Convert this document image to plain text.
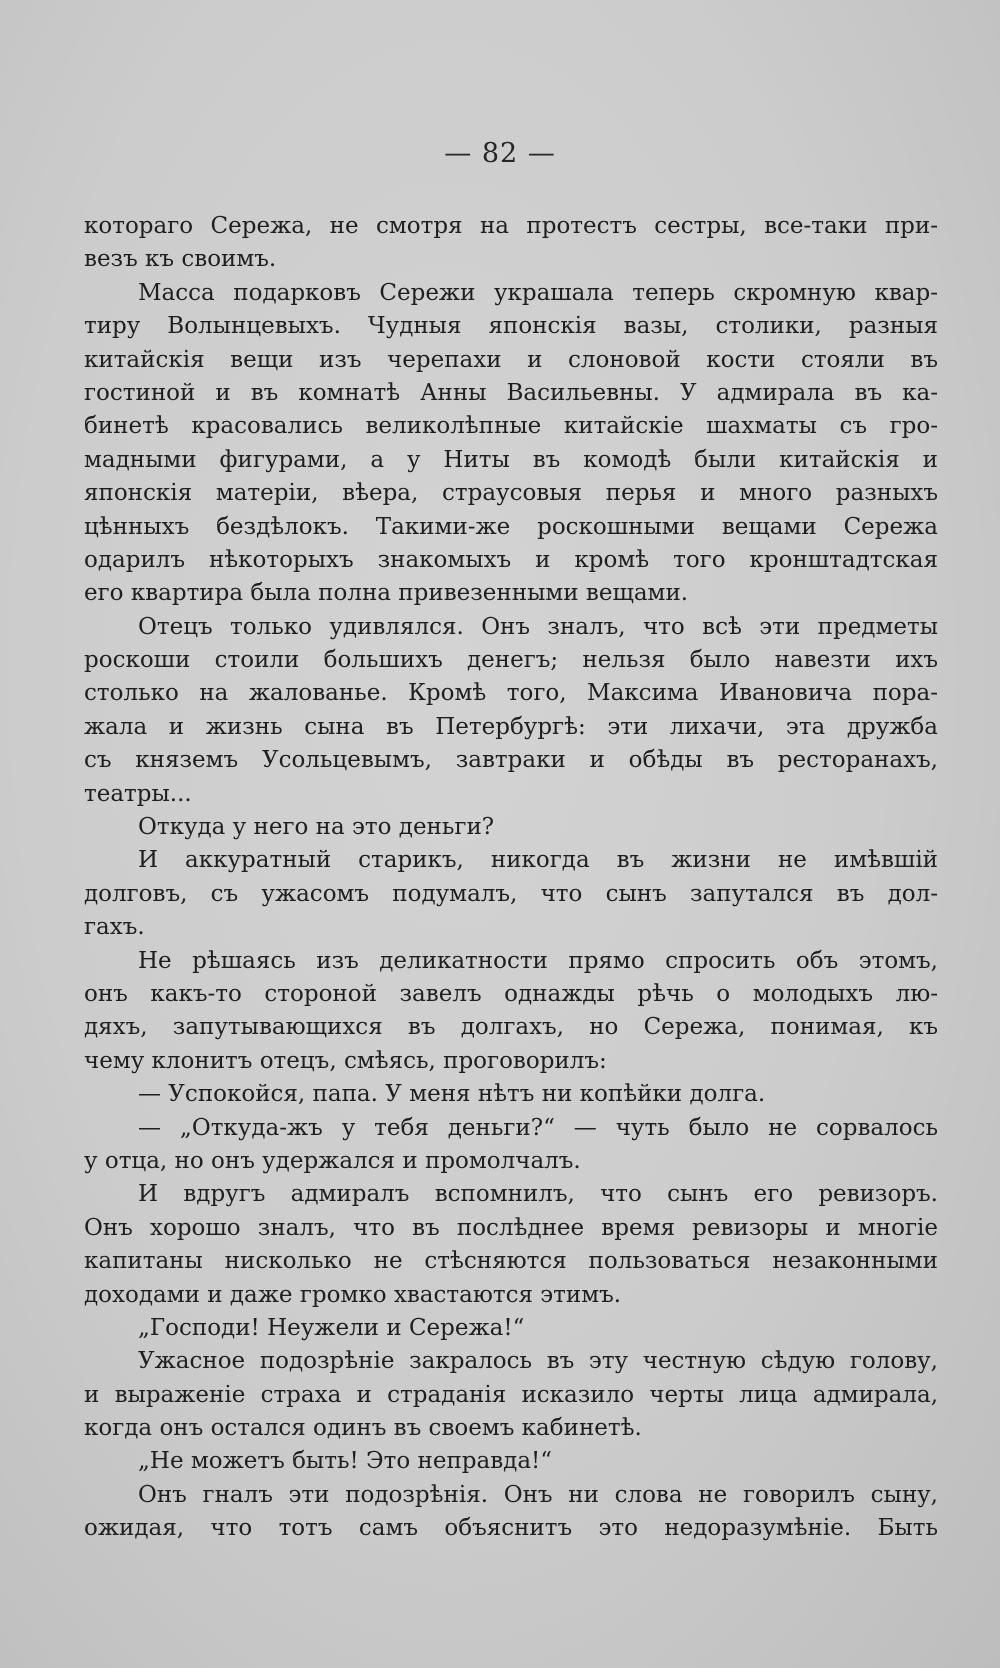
— 82 —
котораго Сережа, не смотря на протестъ сестры, все-таки при-
везъ къ своимъ.
Масса подарковъ Сережи украшала теперь скромную квар-
тиру Волынцевыхъ. Чудныя японскія вазы, столики, разныя
китайскія вещи изъ черепахи и слоновой кости стояли въ
гостиной и въ комнатѣ Анны Васильевны. У адмирала въ ка-
бинетѣ красовались великолѣпные китайскіе шахматы съ гро-
мадными фигурами, а у Ниты въ комодѣ были китайскія и
японскія матеріи, вѣера, страусовыя перья и много разныхъ
цѣнныхъ бездѣлокъ. Такими-же роскошными вещами Сережа
одарилъ нѣкоторыхъ знакомыхъ и кромѣ того кронштадтская
его квартира была полна привезенными вещами.
Отецъ только удивлялся. Онъ зналъ, что всѣ эти предметы
роскоши стоили большихъ денегъ; нельзя было навезти ихъ
столько на жалованье. Кромѣ того, Максима Ивановича пора-
жала и жизнь сына въ Петербургѣ: эти лихачи, эта дружба
съ княземъ Усольцевымъ, завтраки и обѣды въ ресторанахъ,
театры...
Откуда у него на это деньги?
И аккуратный старикъ, никогда въ жизни не имѣвшій
долговъ, съ ужасомъ подумалъ, что сынъ запутался въ дол-
гахъ.
Не рѣшаясь изъ деликатности прямо спросить объ этомъ,
онъ какъ-то стороной завелъ однажды рѣчь о молодыхъ лю-
дяхъ, запутывающихся въ долгахъ, но Сережа, понимая, къ
чему клонитъ отецъ, смѣясь, проговорилъ:
— Успокойся, папа. У меня нѣтъ ни копѣйки долга.
— „Откуда-жъ у тебя деньги?“ — чуть было не сорвалось
у отца, но онъ удержался и промолчалъ.
И вдругъ адмиралъ вспомнилъ, что сынъ его ревизоръ.
Онъ хорошо зналъ, что въ послѣднее время ревизоры и многіе
капитаны нисколько не стѣсняются пользоваться незаконными
доходами и даже громко хвастаются этимъ.
„Господи! Неужели и Сережа!“
Ужасное подозрѣніе закралось въ эту честную сѣдую голову,
и выраженіе страха и страданія исказило черты лица адмирала,
когда онъ остался одинъ въ своемъ кабинетѣ.
„Не можетъ быть! Это неправда!“
Онъ гналъ эти подозрѣнія. Онъ ни слова не говорилъ сыну,
ожидая, что тотъ самъ объяснитъ это недоразумѣніе. Быть
